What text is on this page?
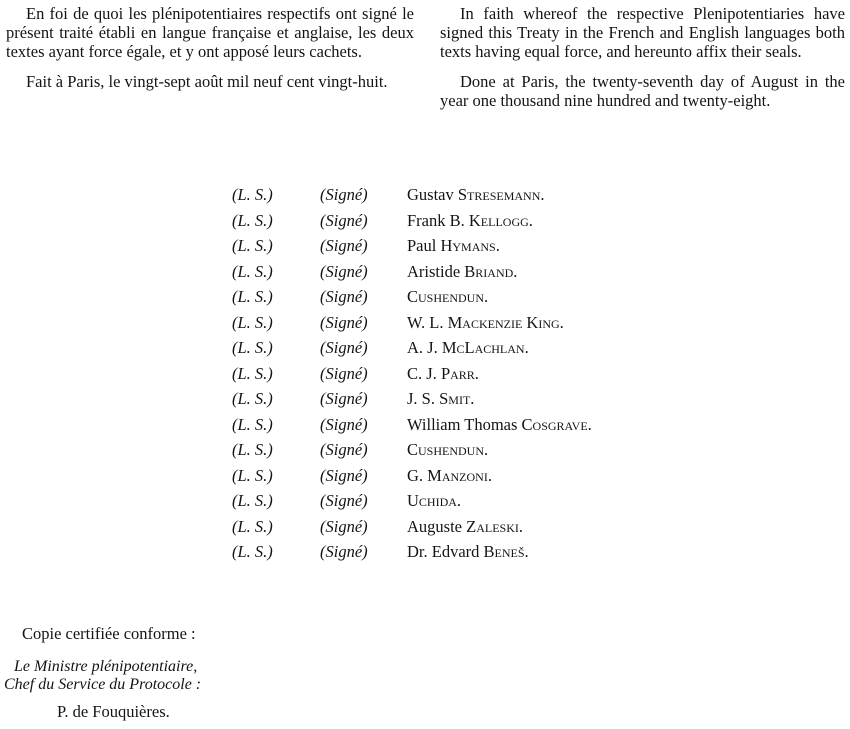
En foi de quoi les plénipotentiaires respectifs ont signé le présent traité établi en langue française et anglaise, les deux textes ayant force égale, et y ont apposé leurs cachets.

Fait à Paris, le vingt-sept août mil neuf cent vingt-huit.

In faith whereof the respective Plenipotentiaries have signed this Treaty in the French and English languages both texts having equal force, and hereunto affix their seals.

Done at Paris, the twenty-seventh day of August in the year one thousand nine hundred and twenty-eight.

(L. S.)	(Signé) Gustav Stresemann.
(L. S.)	(Signé) Frank B. Kellogg.
(L. S.)	(Signé) Paul Hymans.
(L. S.)	(Signé) Aristide Briand.
(L. S.)	(Signé) Cushendun.
(L. S.)	(Signé) W. L. Mackenzie King.
(L. S.)	(Signé) A. J. McLachlan.
(L. S.)	(Signé) C. J. Parr.
(L. S.)	(Signé) J. S. Smit.
(L. S.)	(Signé) William Thomas Cosgrave.
(L. S.)	(Signé) Cushendun.
(L. S.)	(Signé) G. Manzoni.
(L. S.)	(Signé) Uchida.
(L. S.)	(Signé) Auguste Zaleski.
(L. S.)	(Signé) Dr. Edvard Beneš.
Copie certifiée conforme :
Le Ministre plénipotentiaire,
Chef du Service du Protocole :
P. de Fouquières.
